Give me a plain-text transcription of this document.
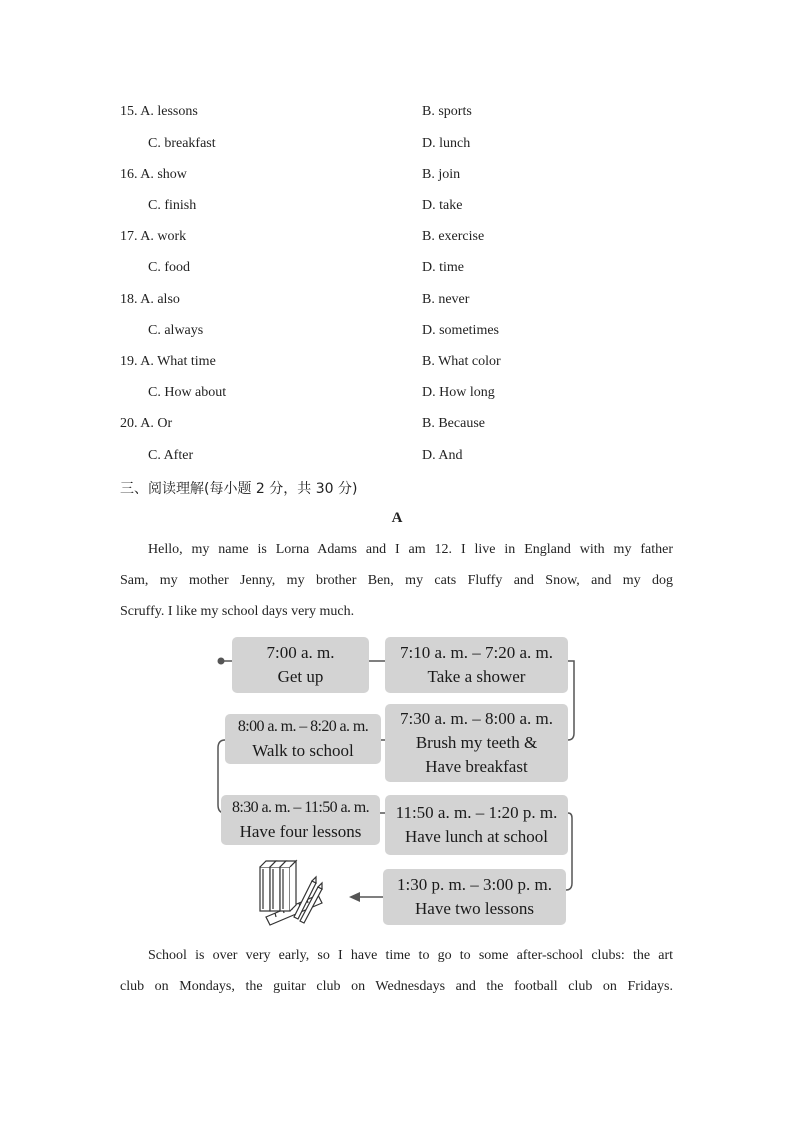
15. A. lessons	B. sports
C. breakfast	D. lunch
16. A. show	B. join
C. finish	D. take
17. A. work	B. exercise
C. food	D. time
18. A. also	B. never
C. always	D. sometimes
19. A. What time	B. What color
C. How about	D. How long
20. A. Or	B. Because
C. After	D. And
三、阅读理解(每小题 2 分，共 30 分)
A
Hello, my name is Lorna Adams and I am 12. I live in England with my father
Sam, my mother Jenny, my brother Ben, my cats Fluffy and Snow, and my dog
Scruffy. I like my school days very much.
7:00 a. m.
Get up
7:10 a. m. – 7:20 a. m.
Take a shower
7:30 a. m. – 8:00 a. m.
Brush my teeth &
Have breakfast
8:00 a. m. – 8:20 a. m.
Walk to school
8:30 a. m. – 11:50 a. m.
Have four lessons
11:50 a. m. – 1:20 p. m.
Have lunch at school
1:30 p. m. – 3:00 p. m.
Have two lessons
School is over very early, so I have time to go to some after-school clubs: the art
club on Mondays, the guitar club on Wednesdays and the football club on Fridays.
